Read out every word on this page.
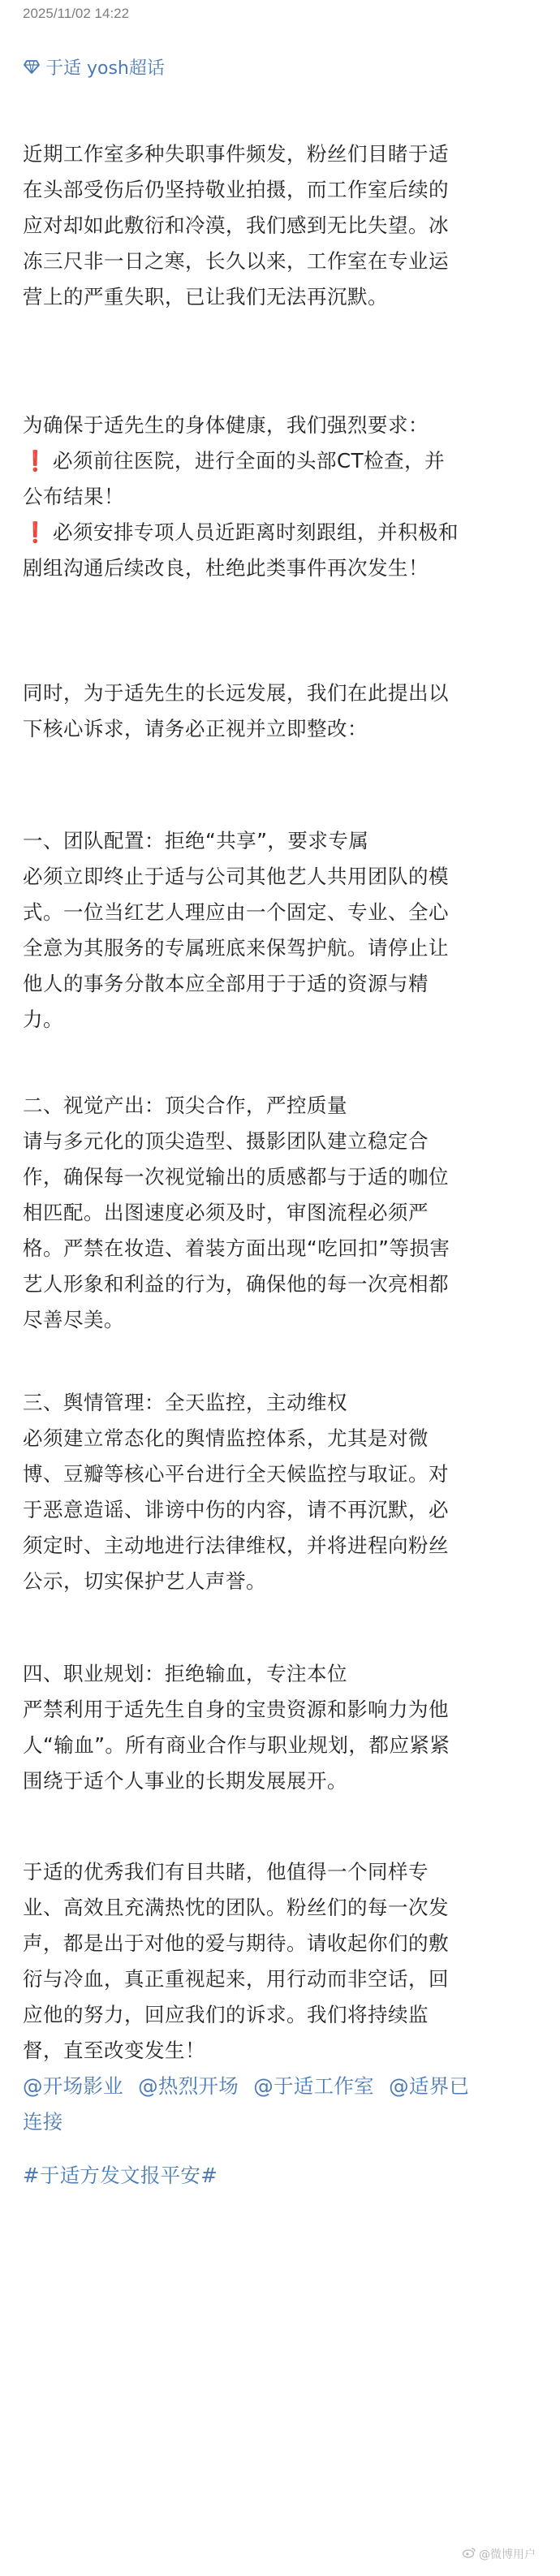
2025/11/02 14:22
于适 yosh超话
近期工作室多种失职事件频发，粉丝们目睹于适
在头部受伤后仍坚持敬业拍摄，而工作室后续的
应对却如此敷衍和冷漠，我们感到无比失望。冰
冻三尺非一日之寒，长久以来，工作室在专业运
营上的严重失职，已让我们无法再沉默。
为确保于适先生的身体健康，我们强烈要求：
❗ 必须前往医院，进行全面的头部CT检查，并
公布结果！
❗ 必须安排专项人员近距离时刻跟组，并积极和
剧组沟通后续改良，杜绝此类事件再次发生！
同时，为于适先生的长远发展，我们在此提出以
下核心诉求，请务必正视并立即整改：
一、团队配置：拒绝“共享”，要求专属
必须立即终止于适与公司其他艺人共用团队的模
式。一位当红艺人理应由一个固定、专业、全心
全意为其服务的专属班底来保驾护航。请停止让
他人的事务分散本应全部用于于适的资源与精
力。
二、视觉产出：顶尖合作，严控质量
请与多元化的顶尖造型、摄影团队建立稳定合
作，确保每一次视觉输出的质感都与于适的咖位
相匹配。出图速度必须及时，审图流程必须严
格。严禁在妆造、着装方面出现“吃回扣”等损害
艺人形象和利益的行为，确保他的每一次亮相都
尽善尽美。
三、舆情管理：全天监控，主动维权
必须建立常态化的舆情监控体系，尤其是对微
博、豆瓣等核心平台进行全天候监控与取证。对
于恶意造谣、诽谤中伤的内容，请不再沉默，必
须定时、主动地进行法律维权，并将进程向粉丝
公示，切实保护艺人声誉。
四、职业规划：拒绝输血，专注本位
严禁利用于适先生自身的宝贵资源和影响力为他
人“输血”。所有商业合作与职业规划，都应紧紧
围绕于适个人事业的长期发展展开。
于适的优秀我们有目共睹，他值得一个同样专
业、高效且充满热忱的团队。粉丝们的每一次发
声，都是出于对他的爱与期待。请收起你们的敷
衍与冷血，真正重视起来，用行动而非空话，回
应他的努力，回应我们的诉求。我们将持续监
督，直至改变发生！
@开场影业 @热烈开场 @于适工作室 @适界已
连接
#于适方发文报平安#
@微博用户
